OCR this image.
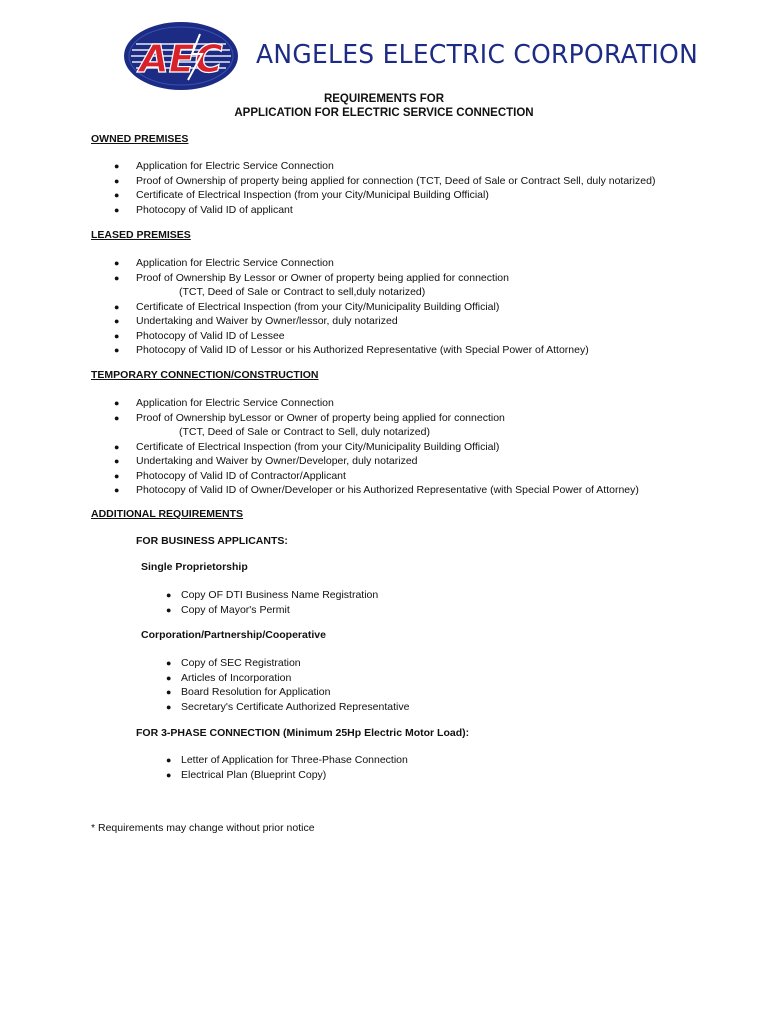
AEC ANGELES ELECTRIC CORPORATION
REQUIREMENTS FOR
APPLICATION FOR ELECTRIC SERVICE CONNECTION
OWNED PREMISES
● Application for Electric Service Connection
● Proof of Ownership of property being applied for connection (TCT, Deed of Sale or Contract Sell, duly notarized)
● Certificate of Electrical Inspection (from your City/Municipal Building Official)
● Photocopy of Valid ID of applicant
LEASED PREMISES
● Application for Electric Service Connection
● Proof of Ownership By Lessor or Owner of property being applied for connection
(TCT, Deed of Sale or Contract to sell,duly notarized)
● Certificate of Electrical Inspection (from your City/Municipality Building Official)
● Undertaking and Waiver by Owner/lessor, duly notarized
● Photocopy of Valid ID of Lessee
● Photocopy of Valid ID of Lessor or his Authorized Representative (with Special Power of Attorney)
TEMPORARY CONNECTION/CONSTRUCTION
● Application for Electric Service Connection
● Proof of Ownership byLessor or Owner of property being applied for connection
(TCT, Deed of Sale or Contract to Sell, duly notarized)
● Certificate of Electrical Inspection (from your City/Municipality Building Official)
● Undertaking and Waiver by Owner/Developer, duly notarized
● Photocopy of Valid ID of Contractor/Applicant
● Photocopy of Valid ID of Owner/Developer or his Authorized Representative (with Special Power of Attorney)
ADDITIONAL REQUIREMENTS
FOR BUSINESS APPLICANTS:
Single Proprietorship
● Copy OF DTI Business Name Registration
● Copy of Mayor's Permit
Corporation/Partnership/Cooperative
● Copy of SEC Registration
● Articles of Incorporation
● Board Resolution for Application
● Secretary's Certificate Authorized Representative
FOR 3-PHASE CONNECTION (Minimum 25Hp Electric Motor Load):
● Letter of Application for Three-Phase Connection
● Electrical Plan (Blueprint Copy)
* Requirements may change without prior notice
